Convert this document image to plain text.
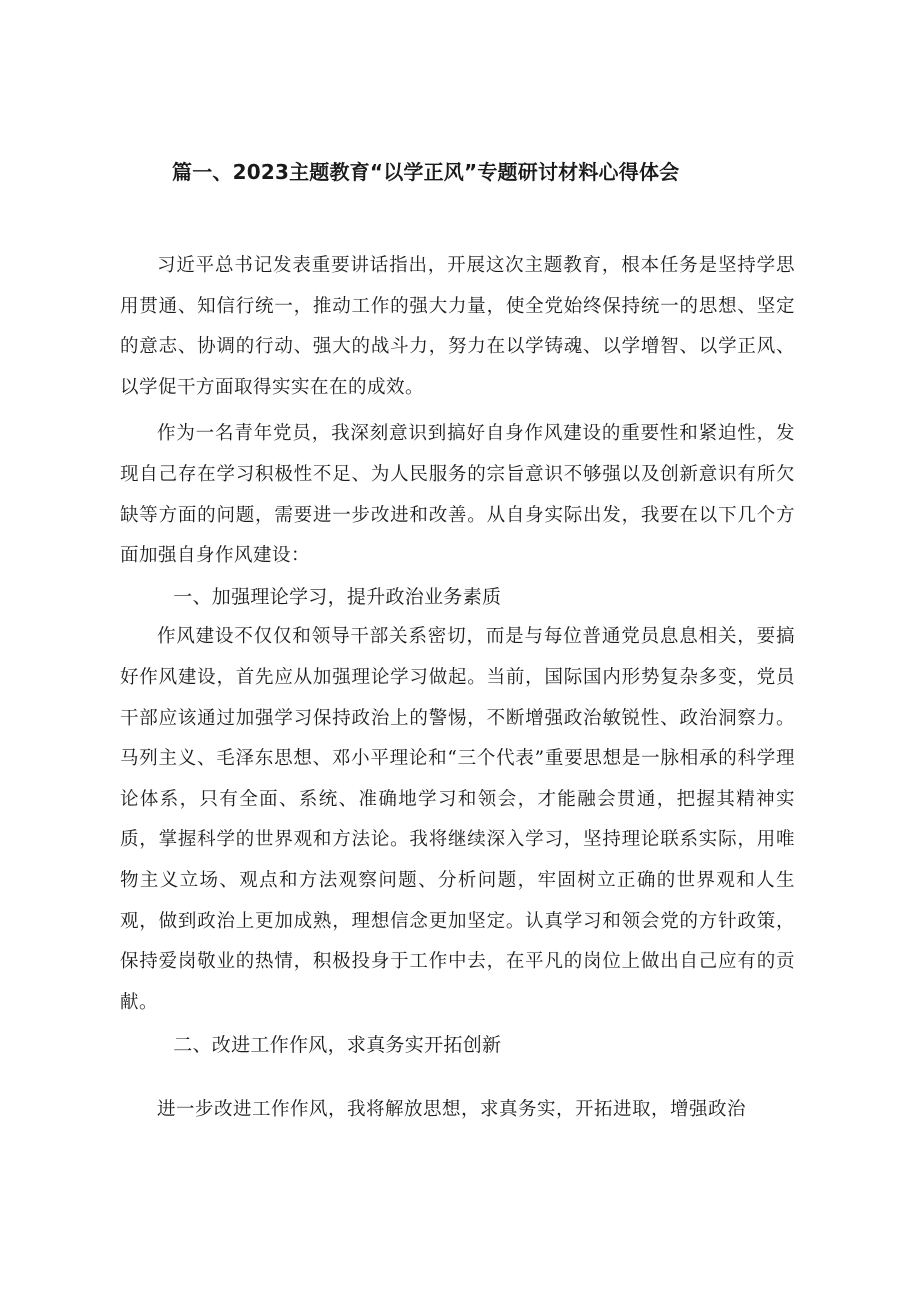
篇一、2023主题教育“以学正风”专题研讨材料心得体会

习近平总书记发表重要讲话指出，开展这次主题教育，根本任务是坚持学思用贯通、知信行统一，推动工作的强大力量，使全党始终保持统一的思想、坚定的意志、协调的行动、强大的战斗力，努力在以学铸魂、以学增智、以学正风、以学促干方面取得实实在在的成效。

作为一名青年党员，我深刻意识到搞好自身作风建设的重要性和紧迫性，发现自己存在学习积极性不足、为人民服务的宗旨意识不够强以及创新意识有所欠缺等方面的问题，需要进一步改进和改善。从自身实际出发，我要在以下几个方面加强自身作风建设：

一、加强理论学习，提升政治业务素质

作风建设不仅仅和领导干部关系密切，而是与每位普通党员息息相关，要搞好作风建设，首先应从加强理论学习做起。当前，国际国内形势复杂多变，党员干部应该通过加强学习保持政治上的警惕，不断增强政治敏锐性、政治洞察力。马列主义、毛泽东思想、邓小平理论和“三个代表”重要思想是一脉相承的科学理论体系，只有全面、系统、准确地学习和领会，才能融会贯通，把握其精神实质，掌握科学的世界观和方法论。我将继续深入学习，坚持理论联系实际，用唯物主义立场、观点和方法观察问题、分析问题，牢固树立正确的世界观和人生观，做到政治上更加成熟，理想信念更加坚定。认真学习和领会党的方针政策，保持爱岗敬业的热情，积极投身于工作中去，在平凡的岗位上做出自己应有的贡献。

二、改进工作作风，求真务实开拓创新

进一步改进工作作风，我将解放思想，求真务实，开拓进取，增强政治
